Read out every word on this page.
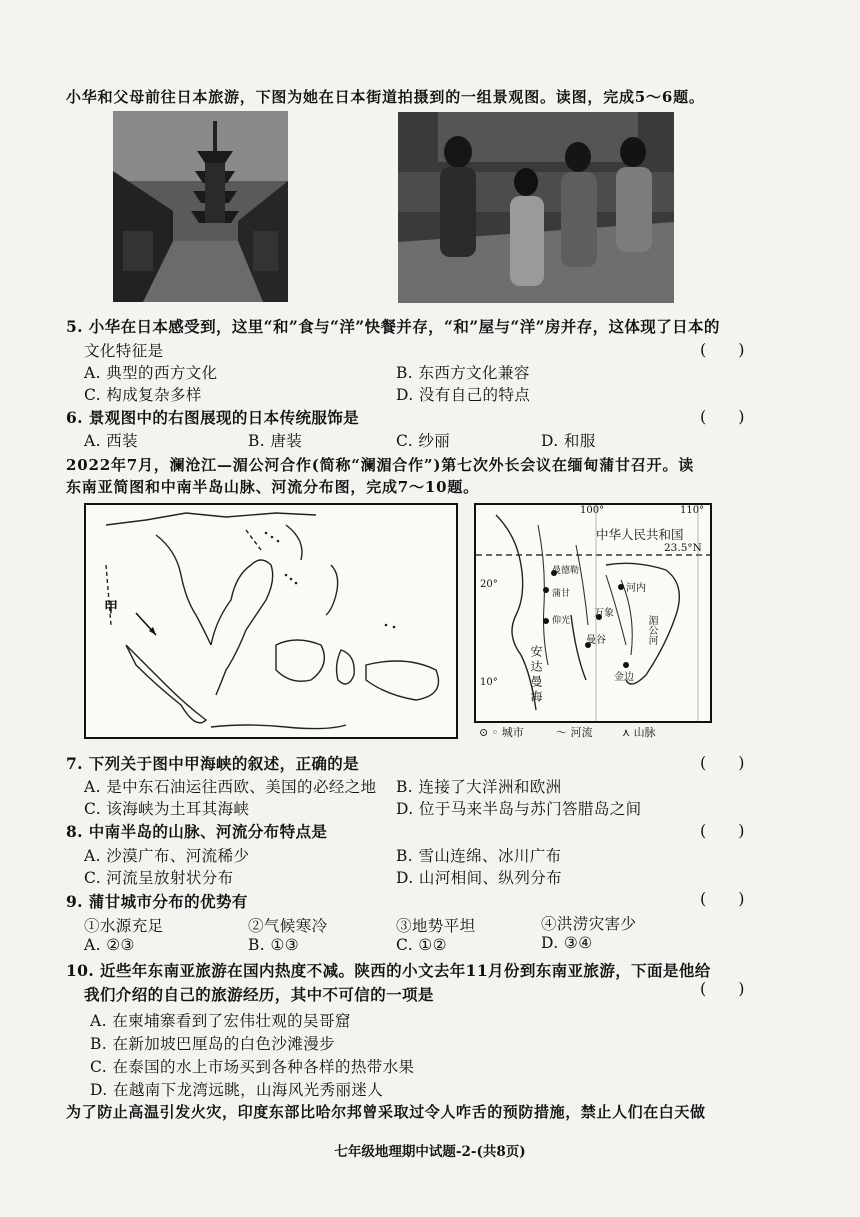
小华和父母前往日本旅游，下图为她在日本街道拍摄到的一组景观图。读图，完成5～6题。
5. 小华在日本感受到，这里“和”食与“洋”快餐并存，“和”屋与“洋”房并存，这体现了日本的
文化特征是	(　　)
A. 典型的西方文化	B. 东西方文化兼容
C. 构成复杂多样	D. 没有自己的特点
6. 景观图中的右图展现的日本传统服饰是	(　　)
A. 西装	B. 唐装	C. 纱丽	D. 和服
2022年7月，澜沧江—湄公河合作(简称“澜湄合作”)第七次外长会议在缅甸蒲甘召开。读
东南亚简图和中南半岛山脉、河流分布图，完成7～10题。
甲
中华人民共和国
100°	110°
23.5°N
20°
10°
河内
万象
曼谷
金边
曼德勒
蒲甘
仰光	湄公河
安达曼海
⊙ ◦ 城市	〜 河流	⋏ 山脉
7. 下列关于图中甲海峡的叙述，正确的是	(　　)
A. 是中东石油运往西欧、美国的必经之地 B. 连接了大洋洲和欧洲
C. 该海峡为土耳其海峡	D. 位于马来半岛与苏门答腊岛之间
8. 中南半岛的山脉、河流分布特点是	(　　)
A. 沙漠广布、河流稀少	B. 雪山连绵、冰川广布
C. 河流呈放射状分布	D. 山河相间、纵列分布
9. 蒲甘城市分布的优势有	(　　)
①水源充足	②气候寒冷	③地势平坦	④洪涝灾害少
A. ②③	B. ①③	C. ①②	D. ③④
10. 近些年东南亚旅游在国内热度不减。陕西的小文去年11月份到东南亚旅游，下面是他给
我们介绍的自己的旅游经历，其中不可信的一项是	(　　)
A. 在柬埔寨看到了宏伟壮观的吴哥窟
B. 在新加坡巴厘岛的白色沙滩漫步
C. 在泰国的水上市场买到各种各样的热带水果
D. 在越南下龙湾远眺，山海风光秀丽迷人
为了防止高温引发火灾，印度东部比哈尔邦曾采取过令人咋舌的预防措施，禁止人们在白天做
七年级地理期中试题-2-(共8页)
